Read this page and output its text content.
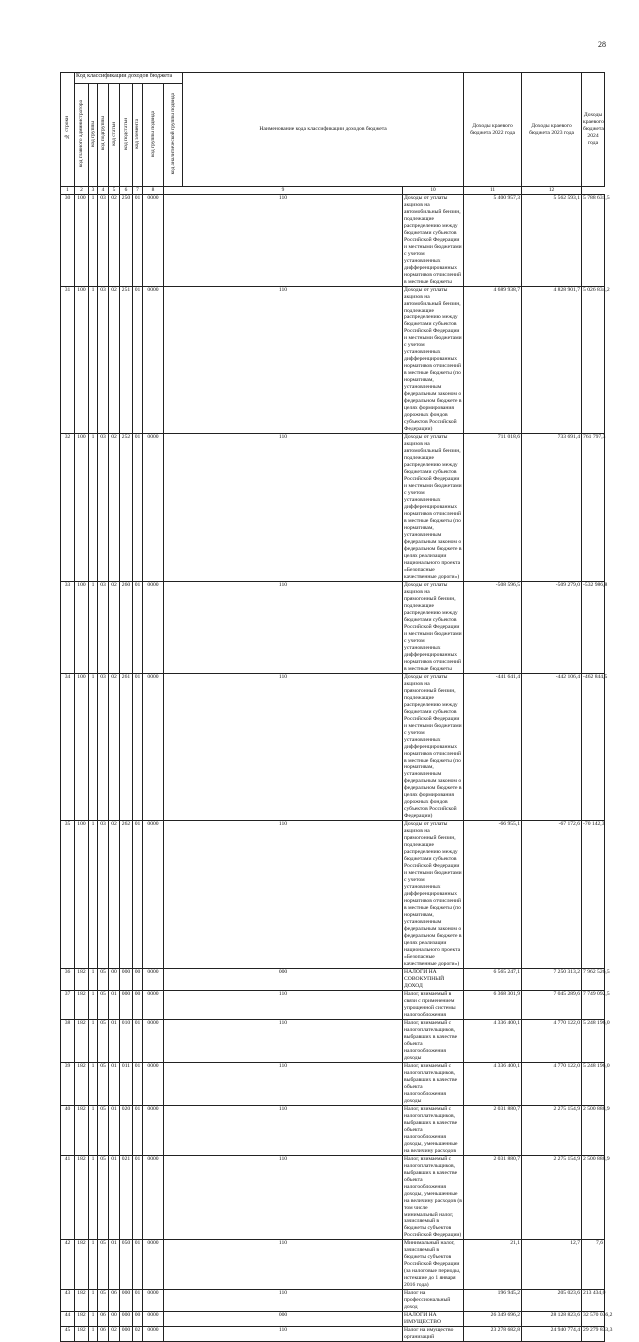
28
№ строки	Код классификации доходов бюджета								Наименование кода классификации доходов бюджета		Доходы краевого бюджета 2022 года	Доходы краевого бюджета 2023 года	Доходы краевого бюджета 2024 года
	код главного администратора	код группы	код подгруппы	код статьи	код подстатьи	код элемента	код группы подвида	код аналитической группы подвида					
1	2	3	4	5	6	7	8	9		10	11	12	
30	100	1	03	02	250	01	0000	110		Доходы от уплаты акцизов на автомобильный бензин, подлежащие распределению между бюджетами субъектов Российской Федерации и местными бюджетами с учетом установленных дифференцированных нормативов отчислений в местные бюджеты	5 400 957,3	5 562 593,1	5 788 631,5
31	100	1	03	02	251	01	0000	110		Доходы от уплаты акцизов на автомобильный бензин, подлежащие распределению между бюджетами субъектов Российской Федерации и местными бюджетами с учетом установленных дифференцированных нормативов отчислений в местные бюджеты (по нормативам, установленным федеральным законом о федеральном бюджете в целях формирования дорожных фондов субъектов Российской Федерации)	4 689 938,7	4 828 901,7	5 026 834,2
32	100	1	03	02	252	01	0000	110		Доходы от уплаты акцизов на автомобильный бензин, подлежащие распределению между бюджетами субъектов Российской Федерации и местными бюджетами с учетом установленных дифференцированных нормативов отчислений в местные бюджеты (по нормативам, установленным федеральным законом о федеральном бюджете в целях реализации национального проекта «Безопасные качественные дороги»)	711 018,6	733 691,4	761 797,3
33	100	1	03	02	260	01	0000	110		Доходы от уплаты акцизов на прямогонный бензин, подлежащие распределению между бюджетами субъектов Российской Федерации и местными бюджетами с учетом установленных дифференцированных нормативов отчислений в местные бюджеты	-508 596,5	-509 279,0	-532 986,8
34	100	1	03	02	261	01	0000	110		Доходы от уплаты акцизов на прямогонный бензин, подлежащие распределению между бюджетами субъектов Российской Федерации и местными бюджетами с учетом установленных дифференцированных нормативов отчислений в местные бюджеты (по нормативам, установленным федеральным законом о федеральном бюджете в целях формирования дорожных фондов субъектов Российской Федерации)	-441 641,4	-442 106,4	-462 844,5
35	100	1	03	02	262	01	0000	110		Доходы от уплаты акцизов на прямогонный бензин, подлежащие распределению между бюджетами субъектов Российской Федерации и местными бюджетами с учетом установленных дифференцированных нормативов отчислений в местные бюджеты (по нормативам, установленным федеральным законом о федеральном бюджете в целях реализации национального проекта «Безопасные качественные дороги»)	-66 955,1	-67 172,6	-70 142,3
36	182	1	05	00	000	00	0000	000		НАЛОГИ НА СОВОКУПНЫЙ ДОХОД	6 565 247,1	7 250 313,2	7 962 526,5
37	182	1	05	01	000	00	0000	110		Налог, взимаемый в связи с применением упрощенной системы налогообложения	6 368 301,9	7 045 289,6	7 749 092,5
38	182	1	05	01	010	01	0000	110		Налог, взимаемый с налогоплательщиков, выбравших в качестве объекта налогообложения доходы	4 336 400,1	4 770 122,0	5 248 196,0
39	182	1	05	01	011	01	0000	110		Налог, взимаемый с налогоплательщиков, выбравших в качестве объекта налогообложения доходы	4 336 400,1	4 770 122,0	5 248 196,0
40	182	1	05	01	020	01	0000	110		Налог, взимаемый с налогоплательщиков, выбравших в качестве объекта налогообложения доходы, уменьшенные на величину расходов	2 031 880,7	2 275 154,9	2 500 888,9
41	182	1	05	01	021	01	0000	110		Налог, взимаемый с налогоплательщиков, выбравших в качестве объекта налогообложения доходы, уменьшенные на величину расходов (в том числе минимальный налог, зачисляемый в бюджеты субъектов Российской Федерации)	2 031 880,7	2 275 154,9	2 500 888,9
42	182	1	05	01	050	01	0000	110		Минимальный налог, зачисляемый в бюджеты субъектов Российской Федерации (за налоговые периоды, истекшие до 1 января 2016 года)	21,1	12,7	7,6
43	182	1	05	06	000	01	0000	110		Налог на профессиональный доход	196 945,2	205 023,6	213 434,0
44	182	1	06	00	000	00	0000	000		НАЛОГИ НА ИМУЩЕСТВО	26 349 696,2	28 128 823,6	32 570 036,2
45	182	1	06	02	000	02	0000	110		Налог на имущество организаций	23 278 682,8	24 940 774,4	29 279 833,3
